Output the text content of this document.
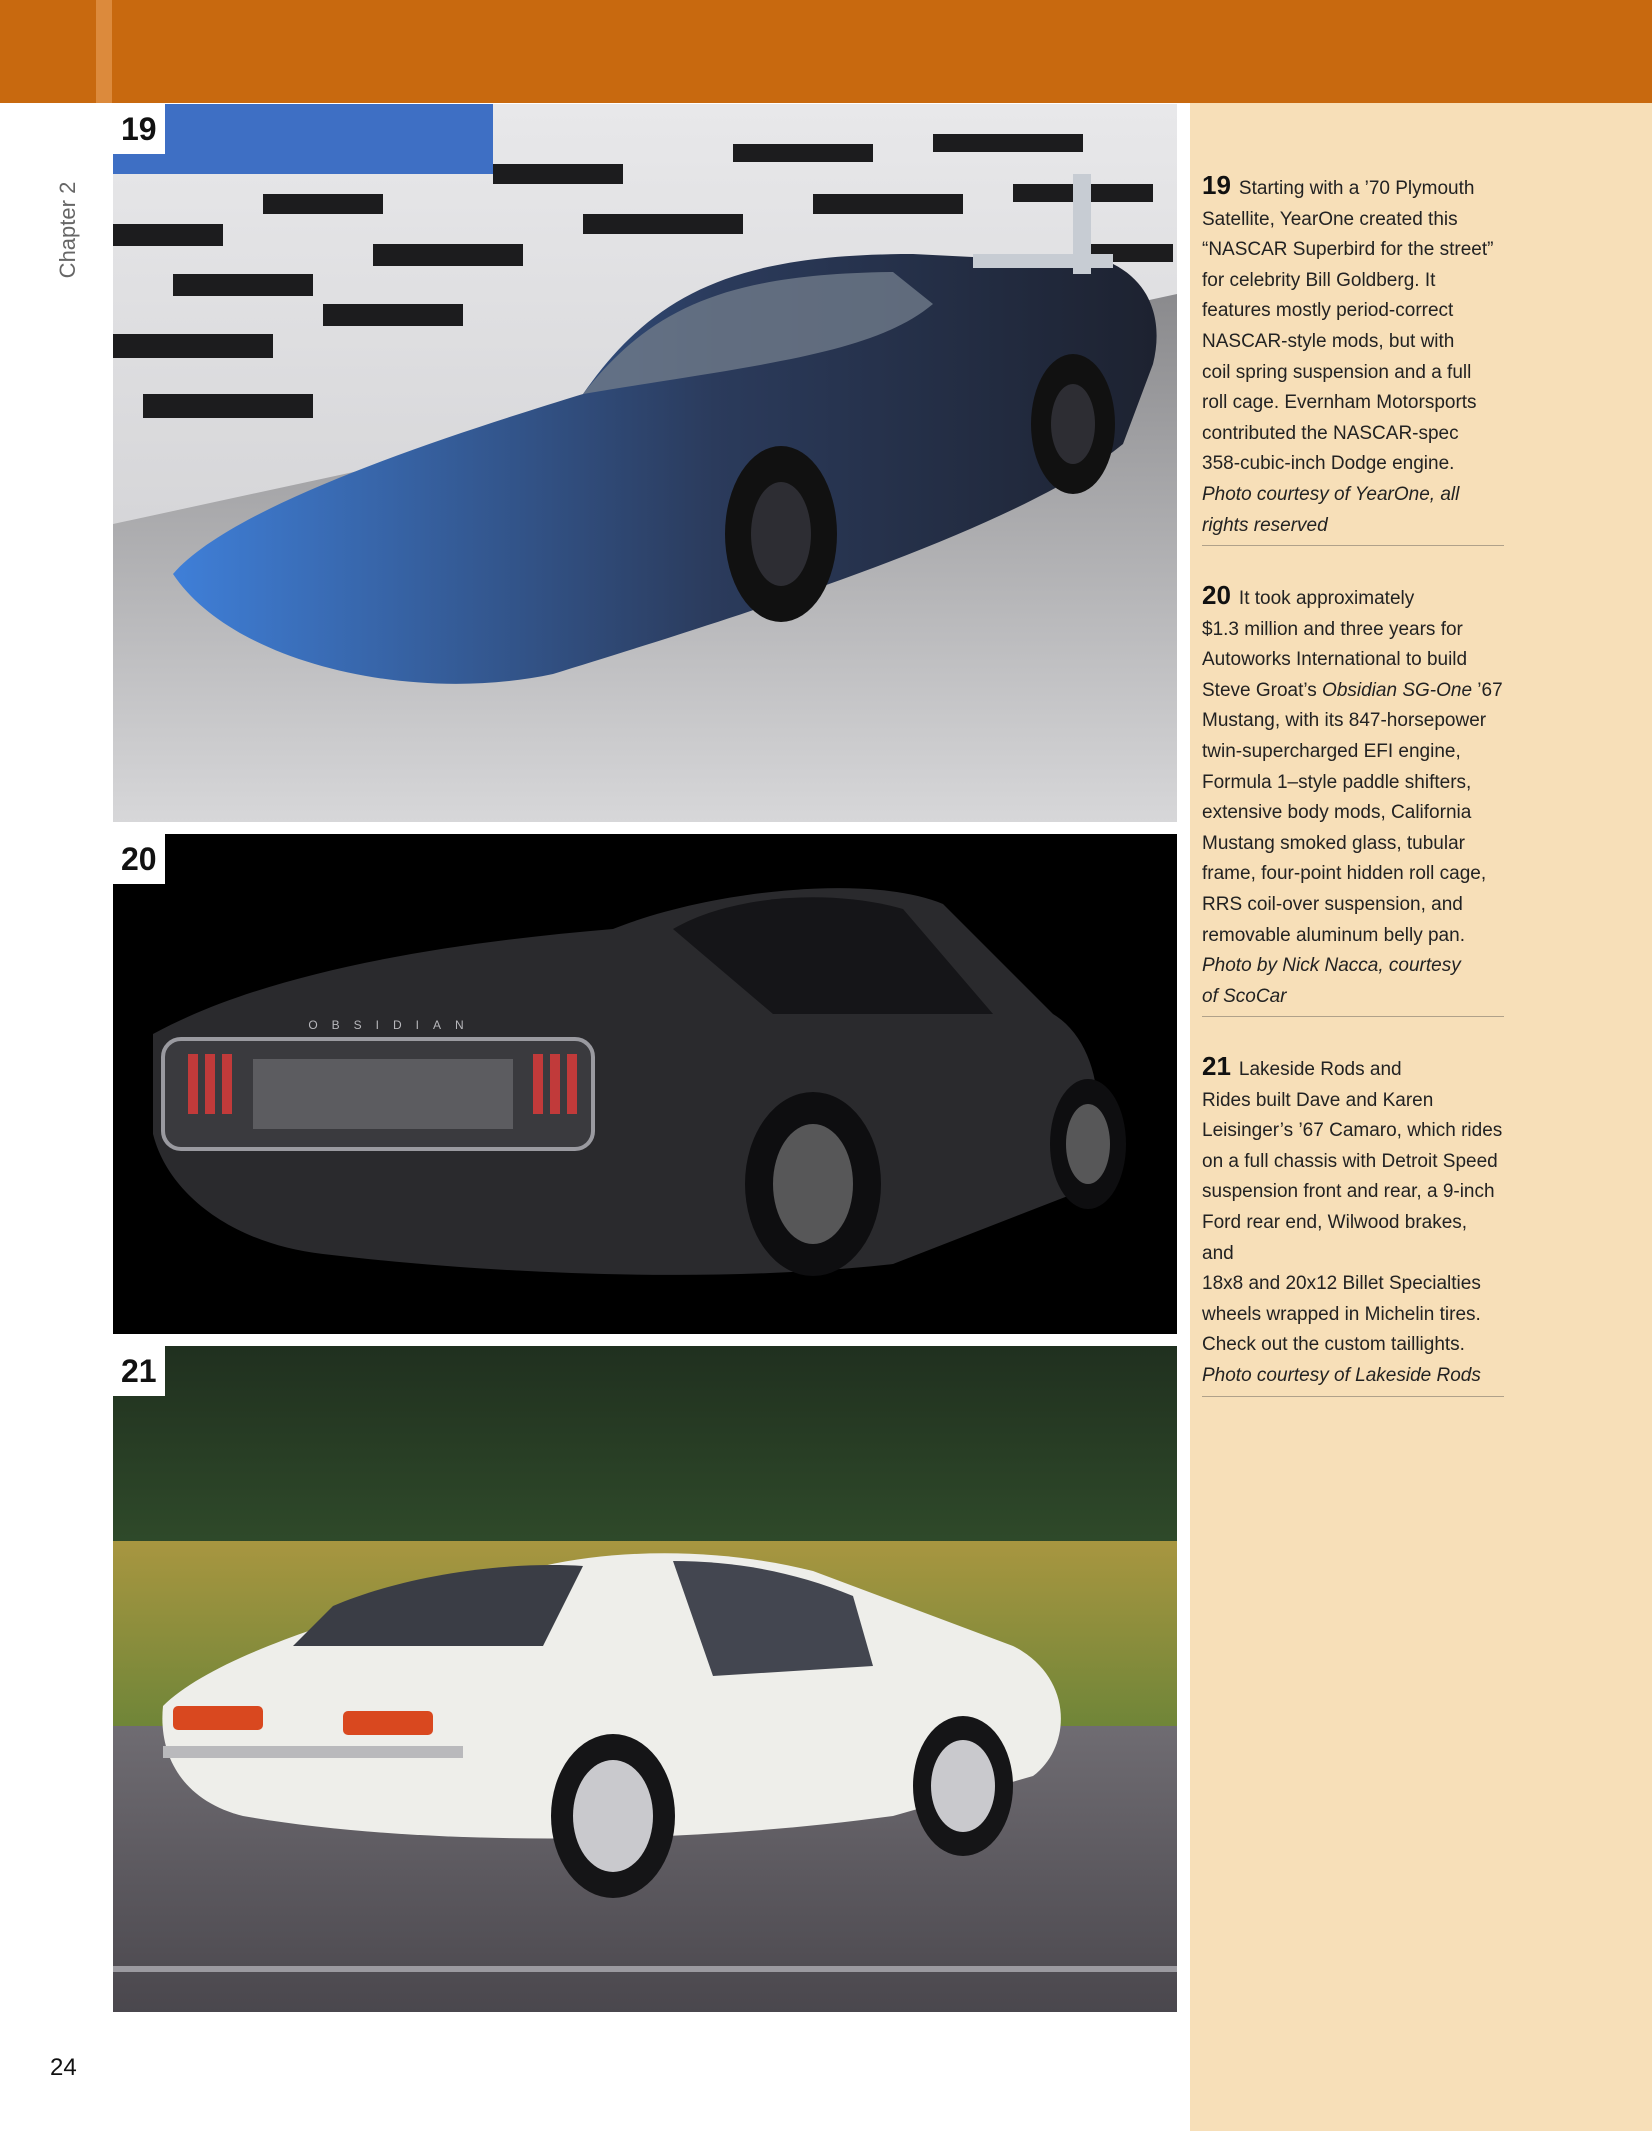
Chapter 2
19
OBSIDIAN
20
21
19 Starting with a ’70 Plymouth
Satellite, YearOne created this
“NASCAR Superbird for the street”
for celebrity Bill Goldberg. It
features mostly period-correct
NASCAR-style mods, but with
coil spring suspension and a full
roll cage. Evernham Motorsports
contributed the NASCAR-spec
358-cubic-inch Dodge engine.
Photo courtesy of YearOne, all
rights reserved
20 It took approximately
$1.3 million and three years for
Autoworks International to build
Steve Groat’s Obsidian SG-One ’67
Mustang, with its 847-horsepower
twin-supercharged EFI engine,
Formula 1–style paddle shifters,
extensive body mods, California
Mustang smoked glass, tubular
frame, four-point hidden roll cage,
RRS coil-over suspension, and
removable aluminum belly pan.
Photo by Nick Nacca, courtesy
of ScoCar
21 Lakeside Rods and
Rides built Dave and Karen
Leisinger’s ’67 Camaro, which rides
on a full chassis with Detroit Speed
suspension front and rear, a 9-inch
Ford rear end, Wilwood brakes, and
18x8 and 20x12 Billet Specialties
wheels wrapped in Michelin tires.
Check out the custom taillights.
Photo courtesy of Lakeside Rods
24
